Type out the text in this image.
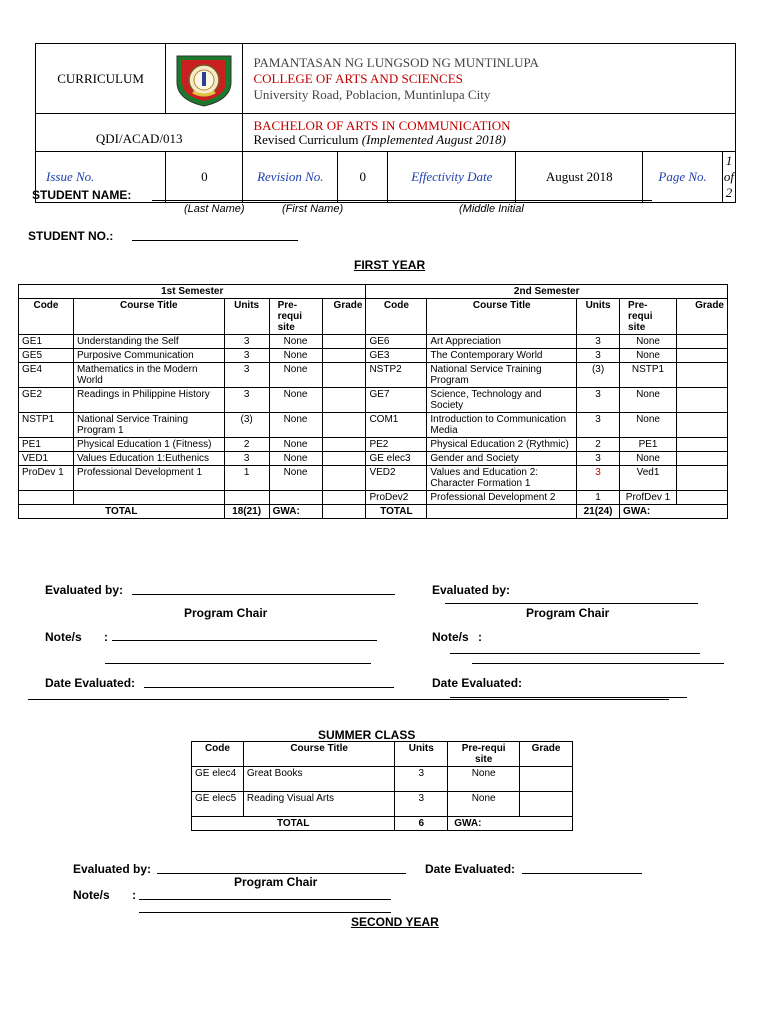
CURRICULUM		PAMANTASAN NG LUNGSOD NG MUNTINLUPA
COLLEGE OF ARTS AND SCIENCES
University Road, Poblacion, Muntinlupa City					

QDI/ACAD/013		BACHELOR OF ARTS IN COMMUNICATION
Revised Curriculum (Implemented August 2018)					

Issue No.	0	Revision No.	0	Effectivity Date	August 2018	Page No.	1 of 2
STUDENT NAME:
(Last Name)	(First Name)	(Middle Initial
STUDENT NO.:
FIRST YEAR
1st Semester					2nd Semester				
Code	Course Title	Units	Pre-
requi
site	Grade	Code	Course Title	Units	Pre-
requi
site	Grade
GE1	Understanding the Self	3	None		GE6	Art Appreciation	3	None	
GE5	Purposive Communication	3	None		GE3	The Contemporary World	3	None	
GE4	Mathematics in the Modern World	3	None		NSTP2	National Service Training Program	(3)	NSTP1	
GE2	Readings in Philippine History	3	None		GE7	Science, Technology and Society	3	None	
NSTP1	National Service Training Program 1	(3)	None		COM1	Introduction to Communication Media	3	None	
PE1	Physical Education 1 (Fitness)	2	None		PE2	Physical Education 2 (Rythmic)	2	PE1	
VED1	Values Education 1:Euthenics	3	None		GE elec3	Gender and Society	3	None	
ProDev 1	Professional Development 1	1	None		VED2	Values and Education 2: Character Formation 1	3	Ved1	
					ProDev2	Professional Development 2	1	ProfDev 1	
TOTAL		18(21)	GWA:		TOTAL		21(24)	GWA:	
Evaluated by:
Program Chair
Evaluated by:
Program Chair
Note/s :	Note/s :
Date Evaluated:	Date Evaluated:
SUMMER CLASS
Code	Course Title	Units	Pre-requi
site	Grade
GE elec4	Great Books	3	None	
GE elec5	Reading Visual Arts	3	None	
TOTAL		6	GWA:	
Evaluated by:
Program Chair
Date Evaluated:
Note/s :
SECOND YEAR
